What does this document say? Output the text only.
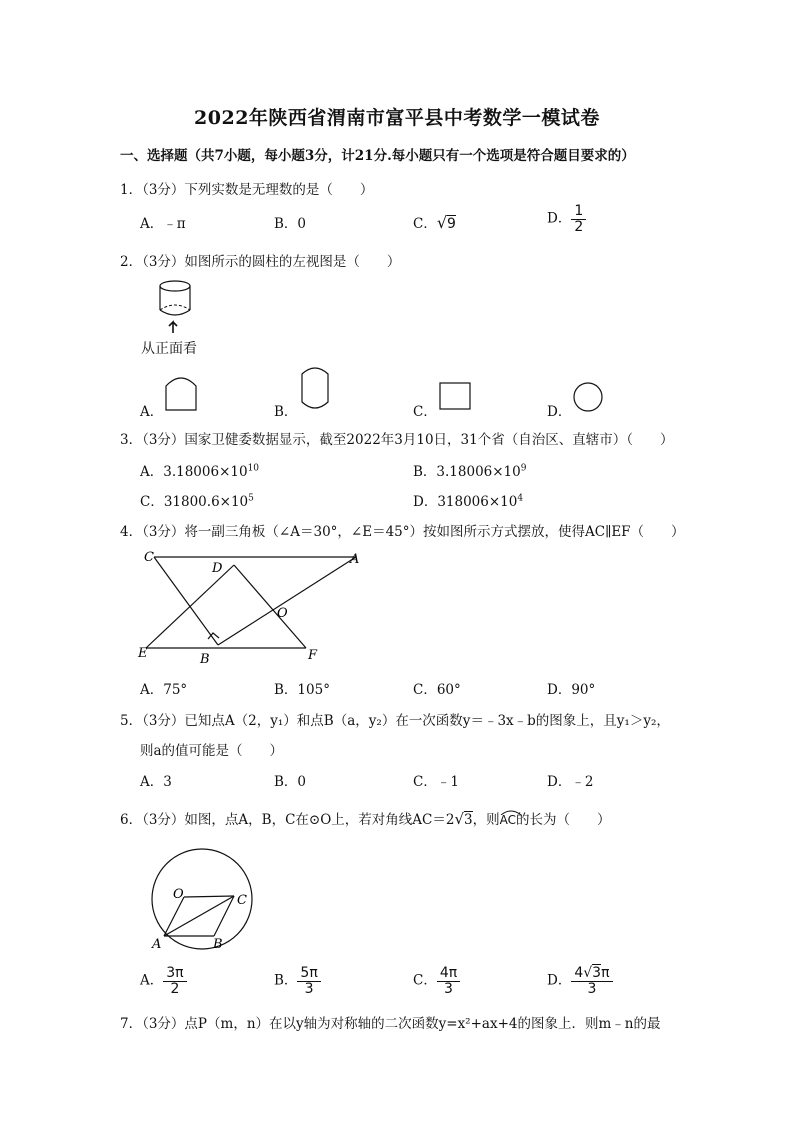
2022年陕西省渭南市富平县中考数学一模试卷
一、选择题（共7小题，每小题3分，计21分.每小题只有一个选项是符合题目要求的）
1．（3分）下列实数是无理数的是（　　）
A．﹣π	B．0	C．√9	D． $\frac{1}{2}$
2．（3分）如图所示的圆柱的左视图是（　　）
从正面看
A．	B．	C．	D．
3．（3分）国家卫健委数据显示，截至2022年3月10日，31个省（自治区、直辖市）（　　）
A．$3.18006\times 10^{10}$	B．$3.18006\times 10^9$
C．$31800.6\times 10^5$	D．$318006\times 10^4$
4．（3分）将一副三角板（∠A＝30°，∠E＝45°）按如图所示方式摆放，使得AC∥EF（　　）
C
D
A
O
E	B	F
A．75°	B．105°	C．60°	D．90°
5．（3分）已知点A（2，y₁）和点B（a，y₂）在一次函数y＝﹣3x﹣b的图象上，且y₁＞y₂，
则a的值可能是（　　）
A．3	B．0	C．﹣1	D．﹣2
6．（3分）如图，点A，B，C在⊙O上，若对角线AC＝2√3，则
AC的长为（　　）
O	C
A	B
A． $\frac{3\pi}{2}$	B． $\frac{5\pi}{3}$	C． $\frac{4\pi}{3}$	D． $\frac{4√3\pi}{3}$
7．（3分）点P（m，n）在以y轴为对称轴的二次函数y=x²+ax+4的图象上．则m﹣n的最
